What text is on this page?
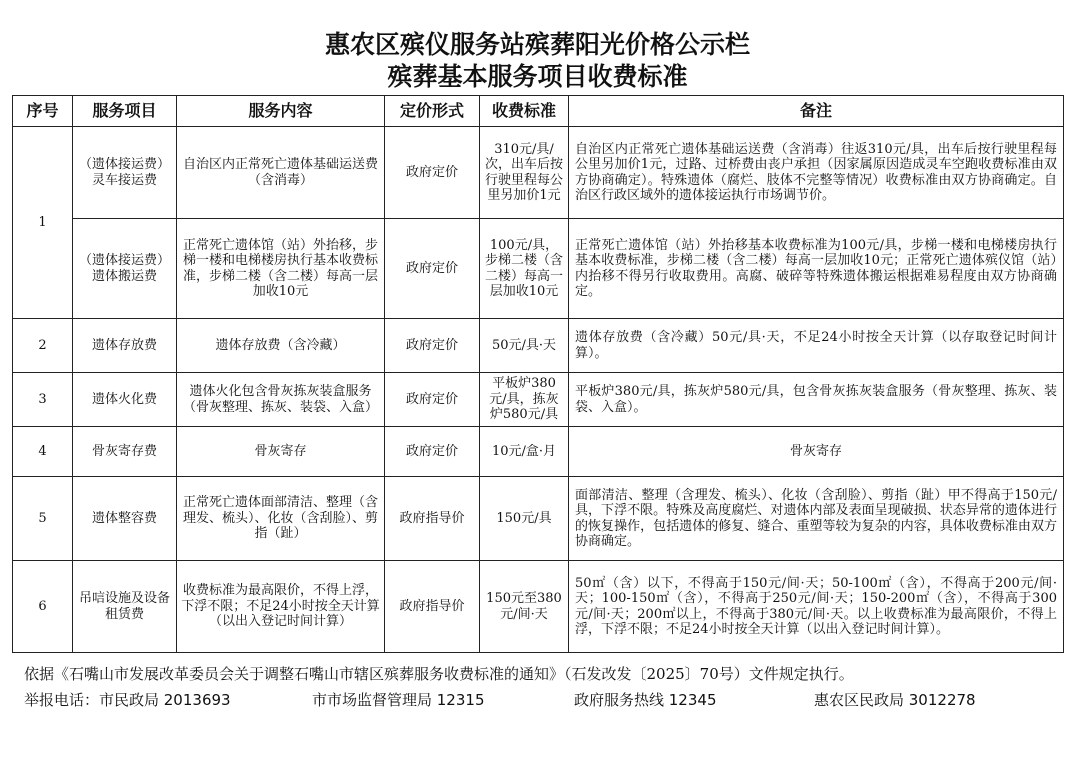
惠农区殡仪服务站殡葬阳光价格公示栏
殡葬基本服务项目收费标准
序号	服务项目	服务内容	定价形式	收费标准	备注
1	（遗体接运费）灵车接运费	自治区内正常死亡遗体基础运送费（含消毒）	政府定价	310元/具/次，出车后按行驶里程每公里另加价1元	自治区内正常死亡遗体基础运送费（含消毒）往返310元/具，出车后按行驶里程每公里另加价1元，过路、过桥费由丧户承担（因家属原因造成灵车空跑收费标准由双方协商确定）。特殊遗体（腐烂、肢体不完整等情况）收费标准由双方协商确定。自治区行政区域外的遗体接运执行市场调节价。
	（遗体接运费）遗体搬运费	正常死亡遗体馆（站）外抬移，步梯一楼和电梯楼房执行基本收费标准，步梯二楼（含二楼）每高一层加收10元	政府定价	100元/具，步梯二楼（含二楼）每高一层加收10元	正常死亡遗体馆（站）外抬移基本收费标准为100元/具，步梯一楼和电梯楼房执行基本收费标准，步梯二楼（含二楼）每高一层加收10元；正常死亡遗体殡仪馆（站）内抬移不得另行收取费用。高腐、破碎等特殊遗体搬运根据难易程度由双方协商确定。
2	遗体存放费	遗体存放费（含冷藏）	政府定价	50元/具·天	遗体存放费（含冷藏）50元/具·天，不足24小时按全天计算（以存取登记时间计算）。
3	遗体火化费	遗体火化包含骨灰拣灰装盒服务（骨灰整理、拣灰、装袋、入盒）	政府定价	平板炉380元/具，拣灰炉580元/具	平板炉380元/具，拣灰炉580元/具，包含骨灰拣灰装盒服务（骨灰整理、拣灰、装袋、入盒）。
4	骨灰寄存费	骨灰寄存	政府定价	10元/盒·月	骨灰寄存
5	遗体整容费	正常死亡遗体面部清洁、整理（含理发、梳头）、化妆（含刮脸）、剪指（趾）	政府指导价	150元/具	面部清洁、整理（含理发、梳头）、化妆（含刮脸）、剪指（趾）甲不得高于150元/具，下浮不限。特殊及高度腐烂、对遗体内部及表面呈现破损、状态异常的遗体进行的恢复操作，包括遗体的修复、缝合、重塑等较为复杂的内容，具体收费标准由双方协商确定。
6	吊唁设施及设备租赁费	收费标准为最高限价，不得上浮，下浮不限；不足24小时按全天计算（以出入登记时间计算）	政府指导价	150元至380元/间·天	50㎡（含）以下，不得高于150元/间·天；50-100㎡（含），不得高于200元/间·天；100-150㎡（含），不得高于250元/间·天；150-200㎡（含），不得高于300元/间·天；200㎡以上，不得高于380元/间·天。以上收费标准为最高限价，不得上浮，下浮不限；不足24小时按全天计算（以出入登记时间计算）。
依据《石嘴山市发展改革委员会关于调整石嘴山市辖区殡葬服务收费标准的通知》（石发改发〔2025〕70号）文件规定执行。
举报电话：市民政局 2013693	市市场监督管理局 12315	政府服务热线 12345	惠农区民政局 3012278
